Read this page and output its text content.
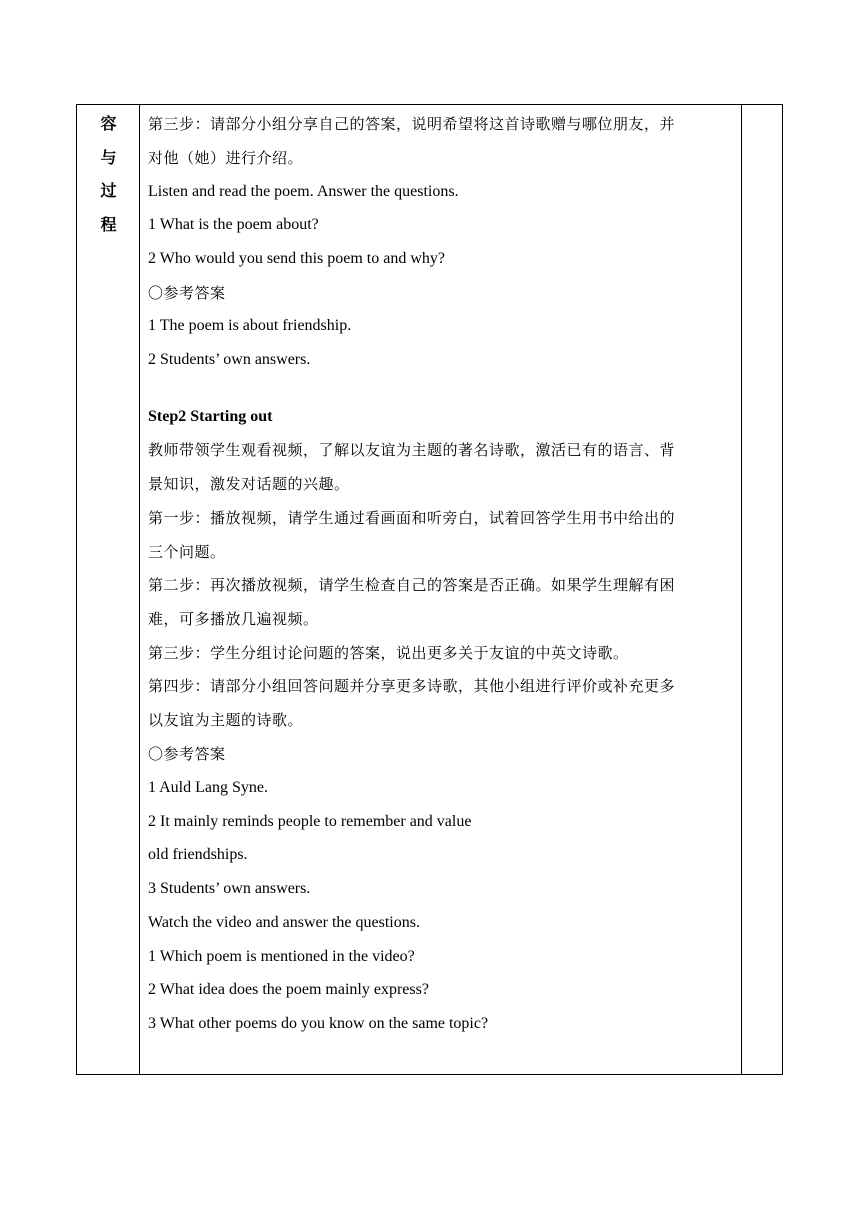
容
与
过
程
第三步：请部分小组分享自己的答案，说明希望将这首诗歌赠与哪位朋友，并
对他（她）进行介绍。
Listen and read the poem. Answer the questions.
1 What is the poem about?
2 Who would you send this poem to and why?
〇参考答案
1 The poem is about friendship.
2 Students’ own answers.
Step2 Starting out
教师带领学生观看视频，了解以友谊为主题的著名诗歌，激活已有的语言、背
景知识，激发对话题的兴趣。
第一步：播放视频，请学生通过看画面和听旁白，试着回答学生用书中给出的
三个问题。
第二步：再次播放视频，请学生检查自己的答案是否正确。如果学生理解有困
难，可多播放几遍视频。
第三步：学生分组讨论问题的答案，说出更多关于友谊的中英文诗歌。
第四步：请部分小组回答问题并分享更多诗歌，其他小组进行评价或补充更多
以友谊为主题的诗歌。
〇参考答案
1 Auld Lang Syne.
2 It mainly reminds people to remember and value
old friendships.
3 Students’ own answers.
Watch the video and answer the questions.
1 Which poem is mentioned in the video?
2 What idea does the poem mainly express?
3 What other poems do you know on the same topic?
